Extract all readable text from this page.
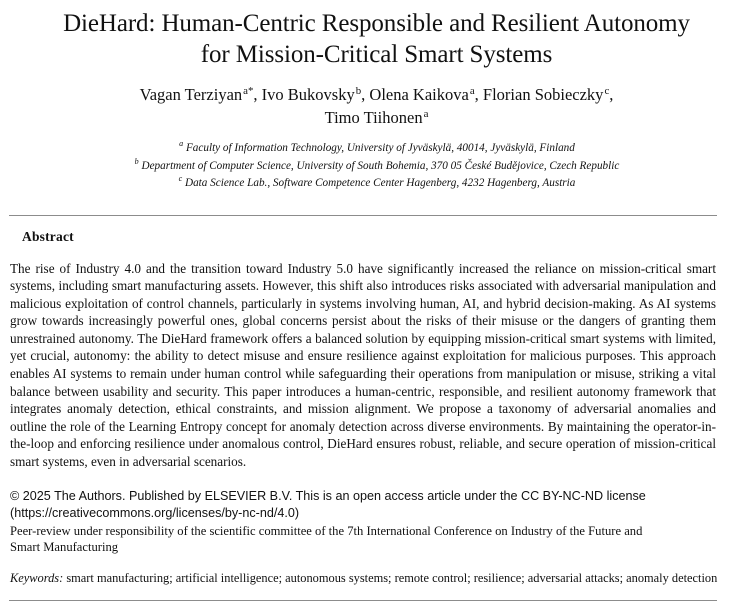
DieHard: Human-Centric Responsible and Resilient Autonomy
for Mission-Critical Smart Systems
Vagan Terziyan$^{a*}$, Ivo Bukovsky$^b$, Olena Kaikova$^a$, Florian Sobieczky$^c$,
Timo Tiihonen$^a$
$^a$ Faculty of Information Technology, University of Jyväskylä, 40014, Jyväskylä, Finland
$^b$ Department of Computer Science, University of South Bohemia, 370 05 České Budějovice, Czech Republic
$^c$ Data Science Lab., Software Competence Center Hagenberg, 4232 Hagenberg, Austria
Abstract

The rise of Industry 4.0 and the transition toward Industry 5.0 have significantly increased the reliance on mission-critical smart systems, including smart manufacturing assets. However, this shift also introduces risks associated with adversarial manipulation and malicious exploitation of control channels, particularly in systems involving human, AI, and hybrid decision-making. As AI systems grow towards increasingly powerful ones, global concerns persist about the risks of their misuse or the dangers of granting them unrestrained autonomy. The DieHard framework offers a balanced solution by equipping mission-critical smart systems with limited, yet crucial, autonomy: the ability to detect misuse and ensure resilience against exploitation for malicious purposes. This approach enables AI systems to remain under human control while safeguarding their operations from manipulation or misuse, striking a vital balance between usability and security. This paper introduces a human-centric, responsible, and resilient autonomy framework that integrates anomaly detection, ethical constraints, and mission alignment. We propose a taxonomy of adversarial anomalies and outline the role of the Learning Entropy concept for anomaly detection across diverse environments. By maintaining the operator-in-the-loop and enforcing resilience under anomalous control, DieHard ensures robust, reliable, and secure operation of mission-critical smart systems, even in adversarial scenarios.

© 2025 The Authors. Published by ELSEVIER B.V. This is an open access article under the CC BY-NC-ND license
(https://creativecommons.org/licenses/by-nc-nd/4.0)
Peer-review under responsibility of the scientific committee of the 7th International Conference on Industry of the Future and
Smart Manufacturing
Keywords: smart manufacturing; artificial intelligence; autonomous systems; remote control; resilience; adversarial attacks; anomaly detection
